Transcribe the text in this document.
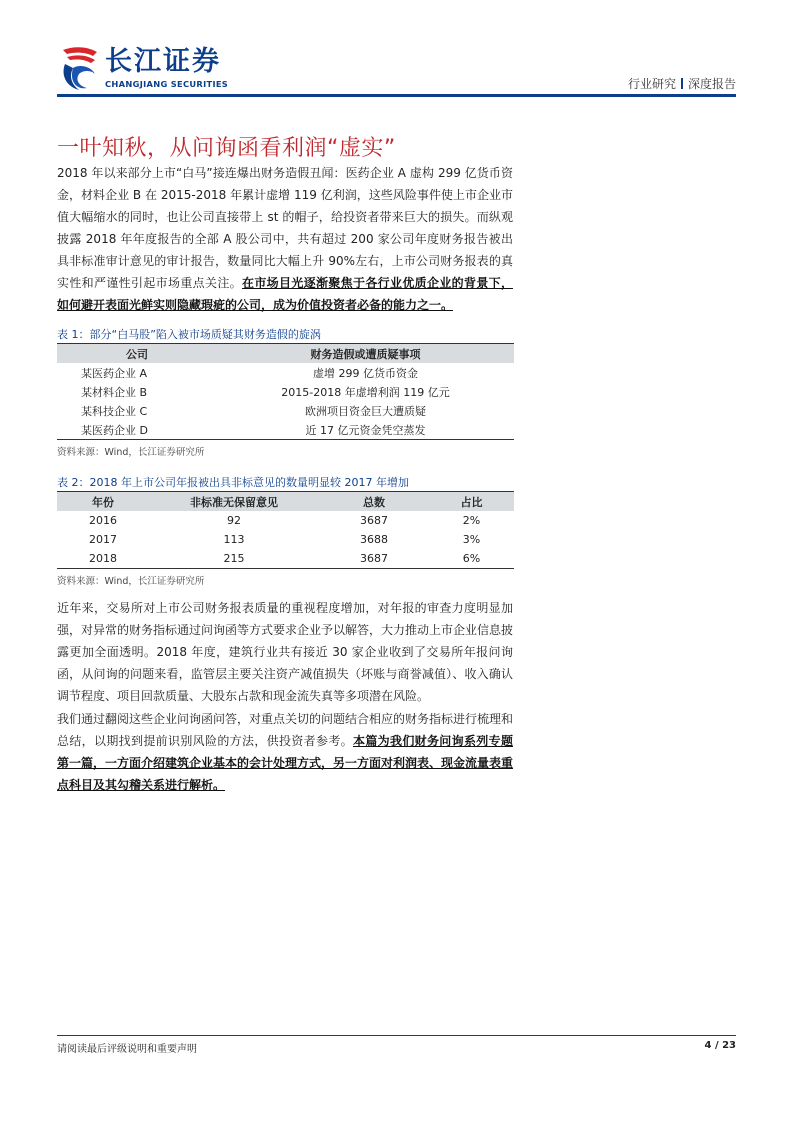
长江证券
CHANGJIANG SECURITIES	行业研究 深度报告
一叶知秋，从问询函看利润“虚实”

2018 年以来部分上市“白马”接连爆出财务造假丑闻：医药企业 A 虚构 299 亿货币资金，材料企业 B 在 2015-2018 年累计虚增 119 亿利润，这些风险事件使上市企业市值大幅缩水的同时，也让公司直接带上 st 的帽子，给投资者带来巨大的损失。而纵观披露 2018 年年度报告的全部 A 股公司中，共有超过 200 家公司年度财务报告被出具非标准审计意见的审计报告，数量同比大幅上升 90%左右，上市公司财务报表的真实性和严谨性引起市场重点关注。在市场目光逐渐聚焦于各行业优质企业的背景下，如何避开表面光鲜实则隐藏瑕疵的公司，成为价值投资者必备的能力之一。

表 1：部分“白马股”陷入被市场质疑其财务造假的旋涡
公司	财务造假或遭质疑事项
某医药企业 A	虚增 299 亿货币资金
某材料企业 B	2015-2018 年虚增利润 119 亿元
某科技企业 C	欧洲项目资金巨大遭质疑
某医药企业 D	近 17 亿元资金凭空蒸发
资料来源：Wind，长江证券研究所
表 2：2018 年上市公司年报被出具非标意见的数量明显较 2017 年增加
年份	非标准无保留意见	总数	占比
2016	92	3687	2%
2017	113	3688	3%
2018	215	3687	6%
资料来源：Wind，长江证券研究所

近年来，交易所对上市公司财务报表质量的重视程度增加，对年报的审查力度明显加强，对异常的财务指标通过问询函等方式要求企业予以解答，大力推动上市企业信息披露更加全面透明。2018 年度，建筑行业共有接近 30 家企业收到了交易所年报问询函，从问询的问题来看，监管层主要关注资产减值损失（坏账与商誉减值）、收入确认调节程度、项目回款质量、大股东占款和现金流失真等多项潜在风险。

我们通过翻阅这些企业问询函问答，对重点关切的问题结合相应的财务指标进行梳理和总结，以期找到提前识别风险的方法，供投资者参考。本篇为我们财务问询系列专题第一篇，一方面介绍建筑企业基本的会计处理方式，另一方面对利润表、现金流量表重点科目及其勾稽关系进行解析。

请阅读最后评级说明和重要声明	4 / 23
